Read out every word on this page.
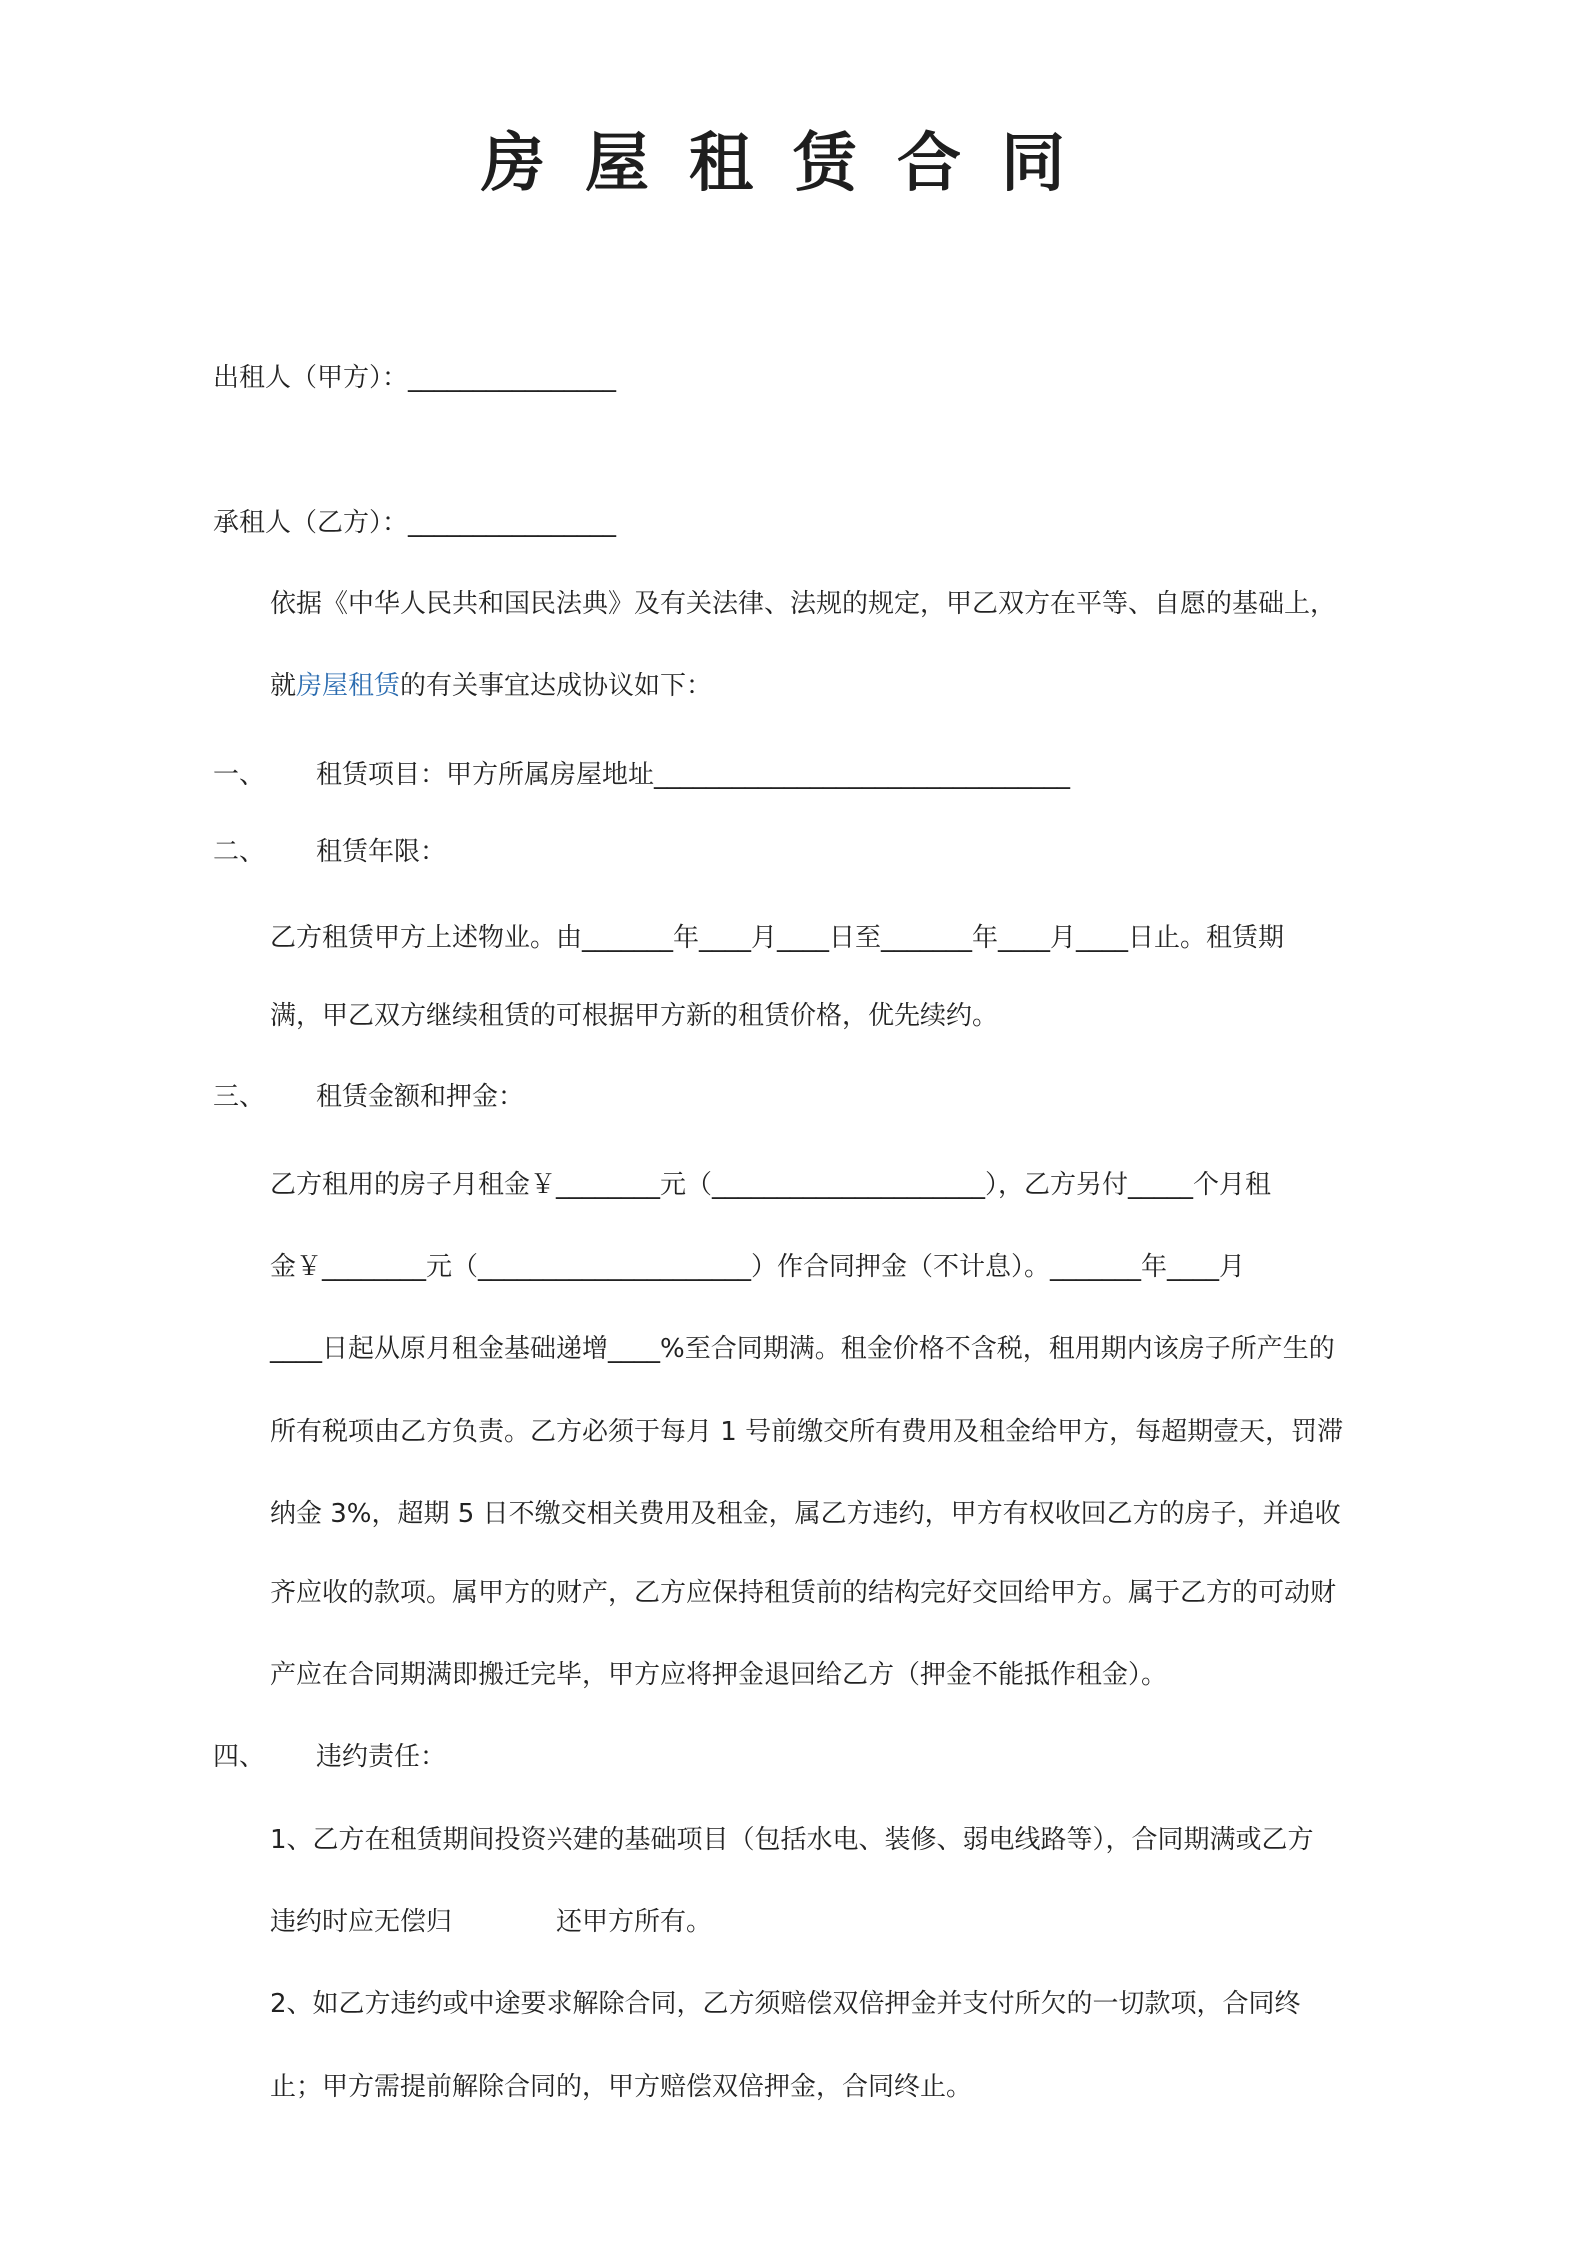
房屋租赁合同
出租人（甲方）：________________
承租人（乙方）：________________
依据《中华人民共和国民法典》及有关法律、法规的规定，甲乙双方在平等、自愿的基础上，
就房屋租赁的有关事宜达成协议如下：
一、 租赁项目：甲方所属房屋地址________________________________
二、 租赁年限：
乙方租赁甲方上述物业。由_______年____月____日至_______年____月____日止。租赁期
满，甲乙双方继续租赁的可根据甲方新的租赁价格，优先续约。
三、 租赁金额和押金：
乙方租用的房子月租金￥________元（_____________________），乙方另付_____个月租
金￥________元（_____________________）作合同押金（不计息）。_______年____月
____日起从原月租金基础递增____%至合同期满。租金价格不含税，租用期内该房子所产生的
所有税项由乙方负责。乙方必须于每月 1 号前缴交所有费用及租金给甲方，每超期壹天，罚滞
纳金 3%，超期 5 日不缴交相关费用及租金，属乙方违约，甲方有权收回乙方的房子，并追收
齐应收的款项。属甲方的财产，乙方应保持租赁前的结构完好交回给甲方。属于乙方的可动财
产应在合同期满即搬迁完毕，甲方应将押金退回给乙方（押金不能抵作租金）。
四、 违约责任：
1、乙方在租赁期间投资兴建的基础项目（包括水电、装修、弱电线路等），合同期满或乙方
违约时应无偿归　　　　还甲方所有。
2、如乙方违约或中途要求解除合同，乙方须赔偿双倍押金并支付所欠的一切款项，合同终
止；甲方需提前解除合同的，甲方赔偿双倍押金，合同终止。
